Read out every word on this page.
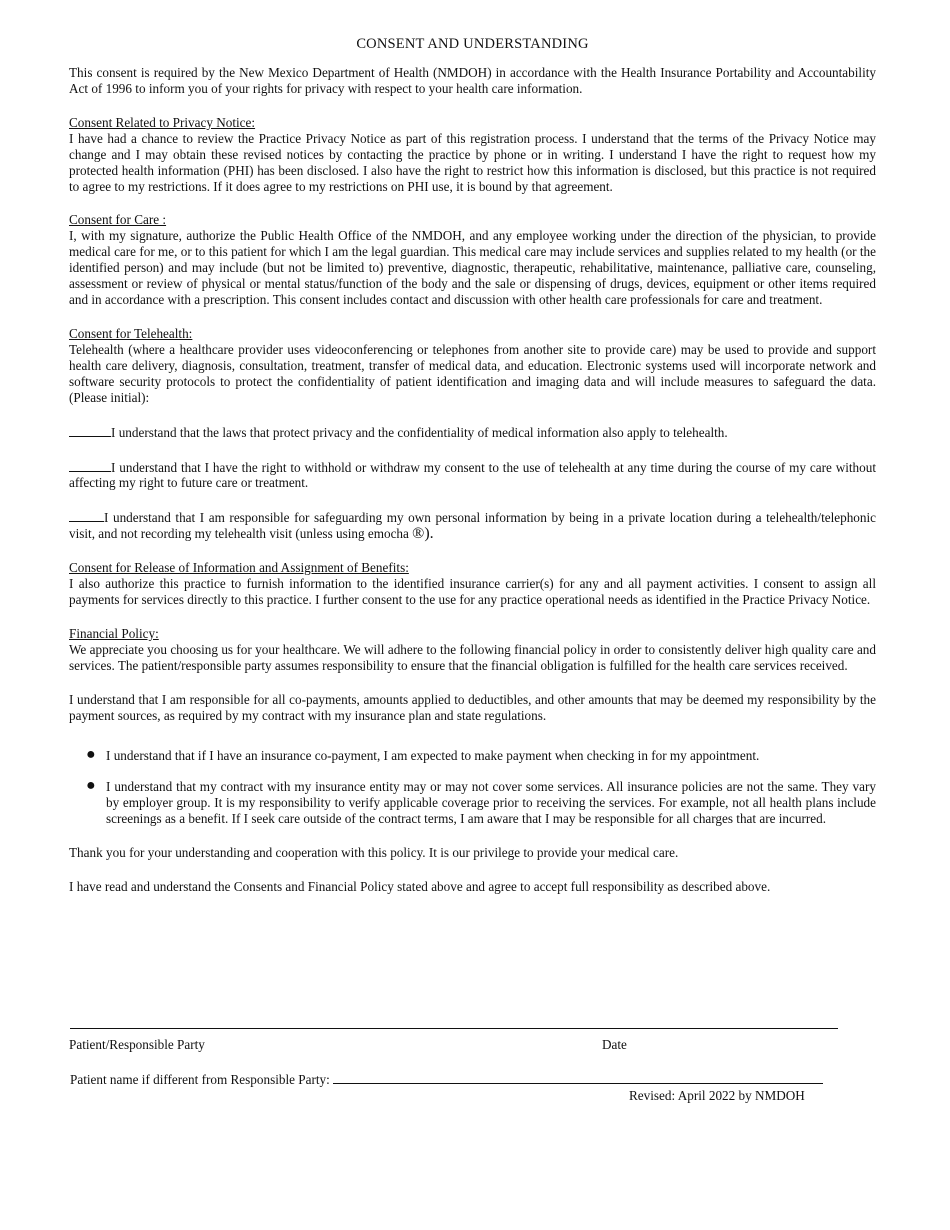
CONSENT AND UNDERSTANDING

This consent is required by the New Mexico Department of Health (NMDOH) in accordance with the Health Insurance Portability and Accountability Act of 1996 to inform you of your rights for privacy with respect to your health care information.

Consent Related to Privacy Notice:

I have had a chance to review the Practice Privacy Notice as part of this registration process. I understand that the terms of the Privacy Notice may change and I may obtain these revised notices by contacting the practice by phone or in writing. I understand I have the right to request how my protected health information (PHI) has been disclosed. I also have the right to restrict how this information is disclosed, but this practice is not required to agree to my restrictions. If it does agree to my restrictions on PHI use, it is bound by that agreement.

Consent for Care :

I, with my signature, authorize the Public Health Office of the NMDOH, and any employee working under the direction of the physician, to provide medical care for me, or to this patient for which I am the legal guardian. This medical care may include services and supplies related to my health (or the identified person) and may include (but not be limited to) preventive, diagnostic, therapeutic, rehabilitative, maintenance, palliative care, counseling, assessment or review of physical or mental status/function of the body and the sale or dispensing of drugs, devices, equipment or other items required and in accordance with a prescription. This consent includes contact and discussion with other health care professionals for care and treatment.

Consent for Telehealth:

Telehealth (where a healthcare provider uses videoconferencing or telephones from another site to provide care) may be used to provide and support health care delivery, diagnosis, consultation, treatment, transfer of medical data, and education. Electronic systems used will incorporate network and software security protocols to protect the confidentiality of patient identification and imaging data and will include measures to safeguard the data. (Please initial):

I understand that the laws that protect privacy and the confidentiality of medical information also apply to telehealth.

I understand that I have the right to withhold or withdraw my consent to the use of telehealth at any time during the course of my care without affecting my right to future care or treatment.

I understand that I am responsible for safeguarding my own personal information by being in a private location during a telehealth/telephonic visit, and not recording my telehealth visit (unless using emocha ®).

Consent for Release of Information and Assignment of Benefits:

I also authorize this practice to furnish information to the identified insurance carrier(s) for any and all payment activities. I consent to assign all payments for services directly to this practice. I further consent to the use for any practice operational needs as identified in the Practice Privacy Notice.

Financial Policy:

We appreciate you choosing us for your healthcare. We will adhere to the following financial policy in order to consistently deliver high quality care and services. The patient/responsible party assumes responsibility to ensure that the financial obligation is fulfilled for the health care services received.

I understand that I am responsible for all co-payments, amounts applied to deductibles, and other amounts that may be deemed my responsibility by the payment sources, as required by my contract with my insurance plan and state regulations.

● I understand that if I have an insurance co-payment, I am expected to make payment when checking in for my appointment.
● I understand that my contract with my insurance entity may or may not cover some services. All insurance policies are not the same. They vary by employer group. It is my responsibility to verify applicable coverage prior to receiving the services. For example, not all health plans include screenings as a benefit. If I seek care outside of the contract terms, I am aware that I may be responsible for all charges that are incurred.

Thank you for your understanding and cooperation with this policy. It is our privilege to provide your medical care.

I have read and understand the Consents and Financial Policy stated above and agree to accept full responsibility as described above.

Patient/Responsible Party	Date
Patient name if different from Responsible Party:
Revised: April 2022 by NMDOH
